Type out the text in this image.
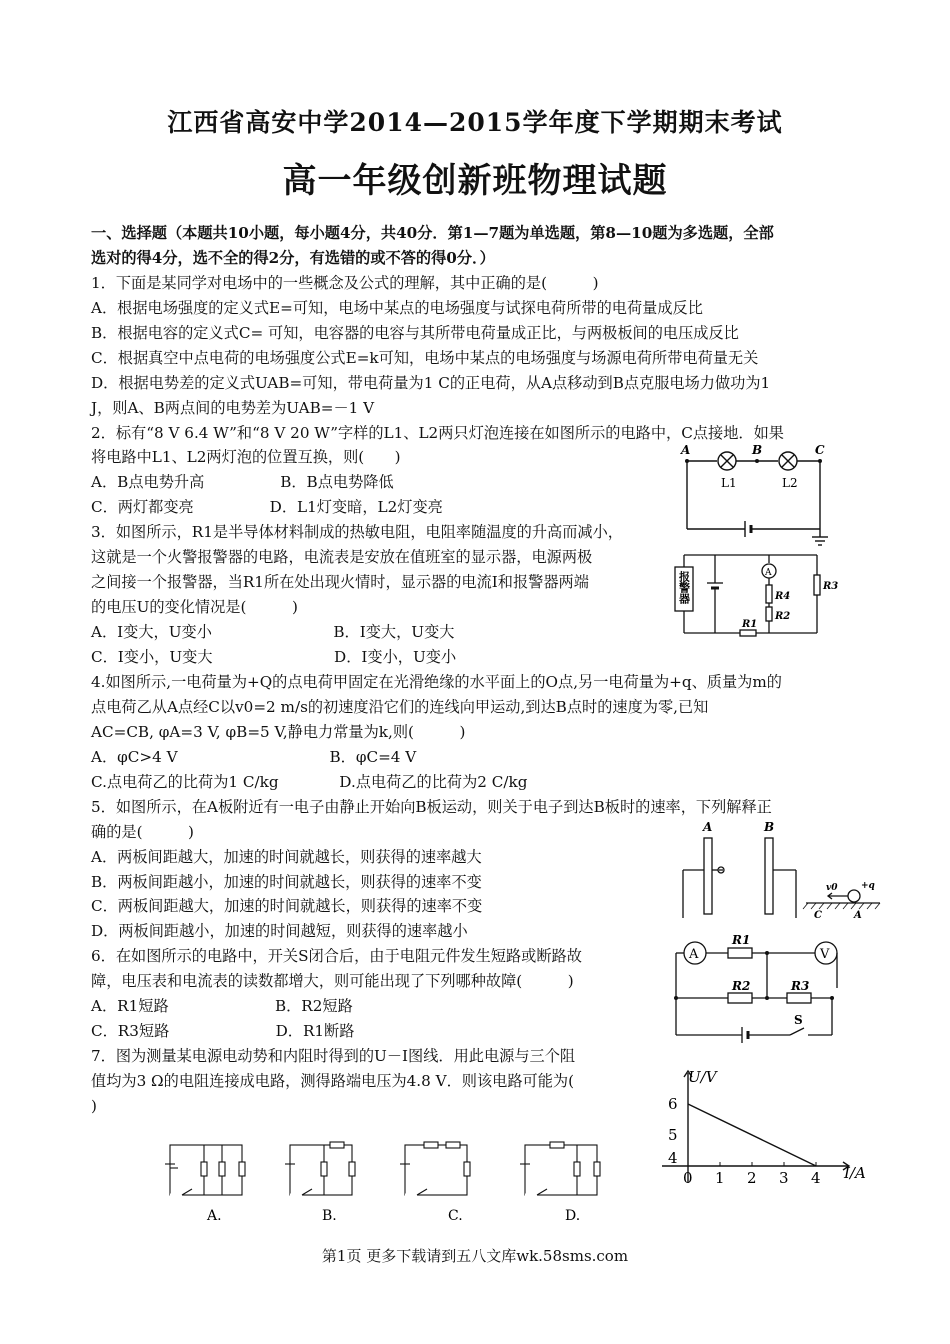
江西省高安中学2014—2015学年度下学期期末考试
高一年级创新班物理试题
一、选择题（本题共10小题，每小题4分，共40分．第1—7题为单选题，第8—10题为多选题，全部
选对的得4分，选不全的得2分，有选错的或不答的得0分．）
1．下面是某同学对电场中的一些概念及公式的理解，其中正确的是(　　　)
A．根据电场强度的定义式E=可知，电场中某点的电场强度与试探电荷所带的电荷量成反比
B．根据电容的定义式C= 可知，电容器的电容与其所带电荷量成正比，与两极板间的电压成反比
C．根据真空中点电荷的电场强度公式E=k可知，电场中某点的电场强度与场源电荷所带电荷量无关
D．根据电势差的定义式UAB=可知，带电荷量为1 C的正电荷，从A点移动到B点克服电场力做功为1
J，则A、B两点间的电势差为UAB=－1 V
2．标有“8 V 6.4 W”和“8 V 20 W”字样的L1、L2两只灯泡连接在如图所示的电路中，C点接地．如果
将电路中L1、L2两灯泡的位置互换，则(　　)
A．B点电势升高　　　　　B．B点电势降低
C．两灯都变亮　　　　　D．L1灯变暗，L2灯变亮
3．如图所示，R1是半导体材料制成的热敏电阻，电阻率随温度的升高而减小，
这就是一个火警报警器的电路，电流表是安放在值班室的显示器，电源两极
之间接一个报警器，当R1所在处出现火情时，显示器的电流I和报警器两端
的电压U的变化情况是(　　　)
A．I变大，U变小　　　　　　　　B．I变大，U变大
C．I变小，U变大　　　　　　　　D．I变小，U变小
4.如图所示,一电荷量为+Q的点电荷甲固定在光滑绝缘的水平面上的O点,另一电荷量为+q、质量为m的
点电荷乙从A点经C以v0=2 m/s的初速度沿它们的连线向甲运动,到达B点时的速度为零,已知
AC=CB, φA=3 V, φB=5 V,静电力常量为k,则(　　　)
A．φC>4 V　　　　　　　　　　B．φC=4 V
C.点电荷乙的比荷为1 C/kg　　　　D.点电荷乙的比荷为2 C/kg
5．如图所示，在A板附近有一电子由静止开始向B板运动，则关于电子到达B板时的速率，下列解释正
确的是(　　　)
A．两板间距越大，加速的时间就越长，则获得的速率越大
B．两板间距越小，加速的时间就越长，则获得的速率不变
C．两板间距越大，加速的时间就越长，则获得的速率不变
D．两板间距越小，加速的时间越短，则获得的速率越小
6．在如图所示的电路中，开关S闭合后，由于电阻元件发生短路或断路故
障，电压表和电流表的读数都增大，则可能出现了下列哪种故障(　　　)
A．R1短路　　　　　　　B．R2短路
C．R3短路　　　　　　　D．R1断路
7．图为测量某电源电动势和内阻时得到的U－I图线．用此电源与三个阻
值均为3 Ω的电阻连接成电路，测得路端电压为4.8 V．则该电路可能为(
)
A	B	C
L1	L2
报警器	A
R4
R2
R3
R1
A	B
v0	+q
C	A
A	V
R1
R2	R3
S
U/V
I/A
0 1 2 3 4
4
5
6
A.	B.	C.	D.
第1页 更多下载请到五八文库wk.58sms.com
